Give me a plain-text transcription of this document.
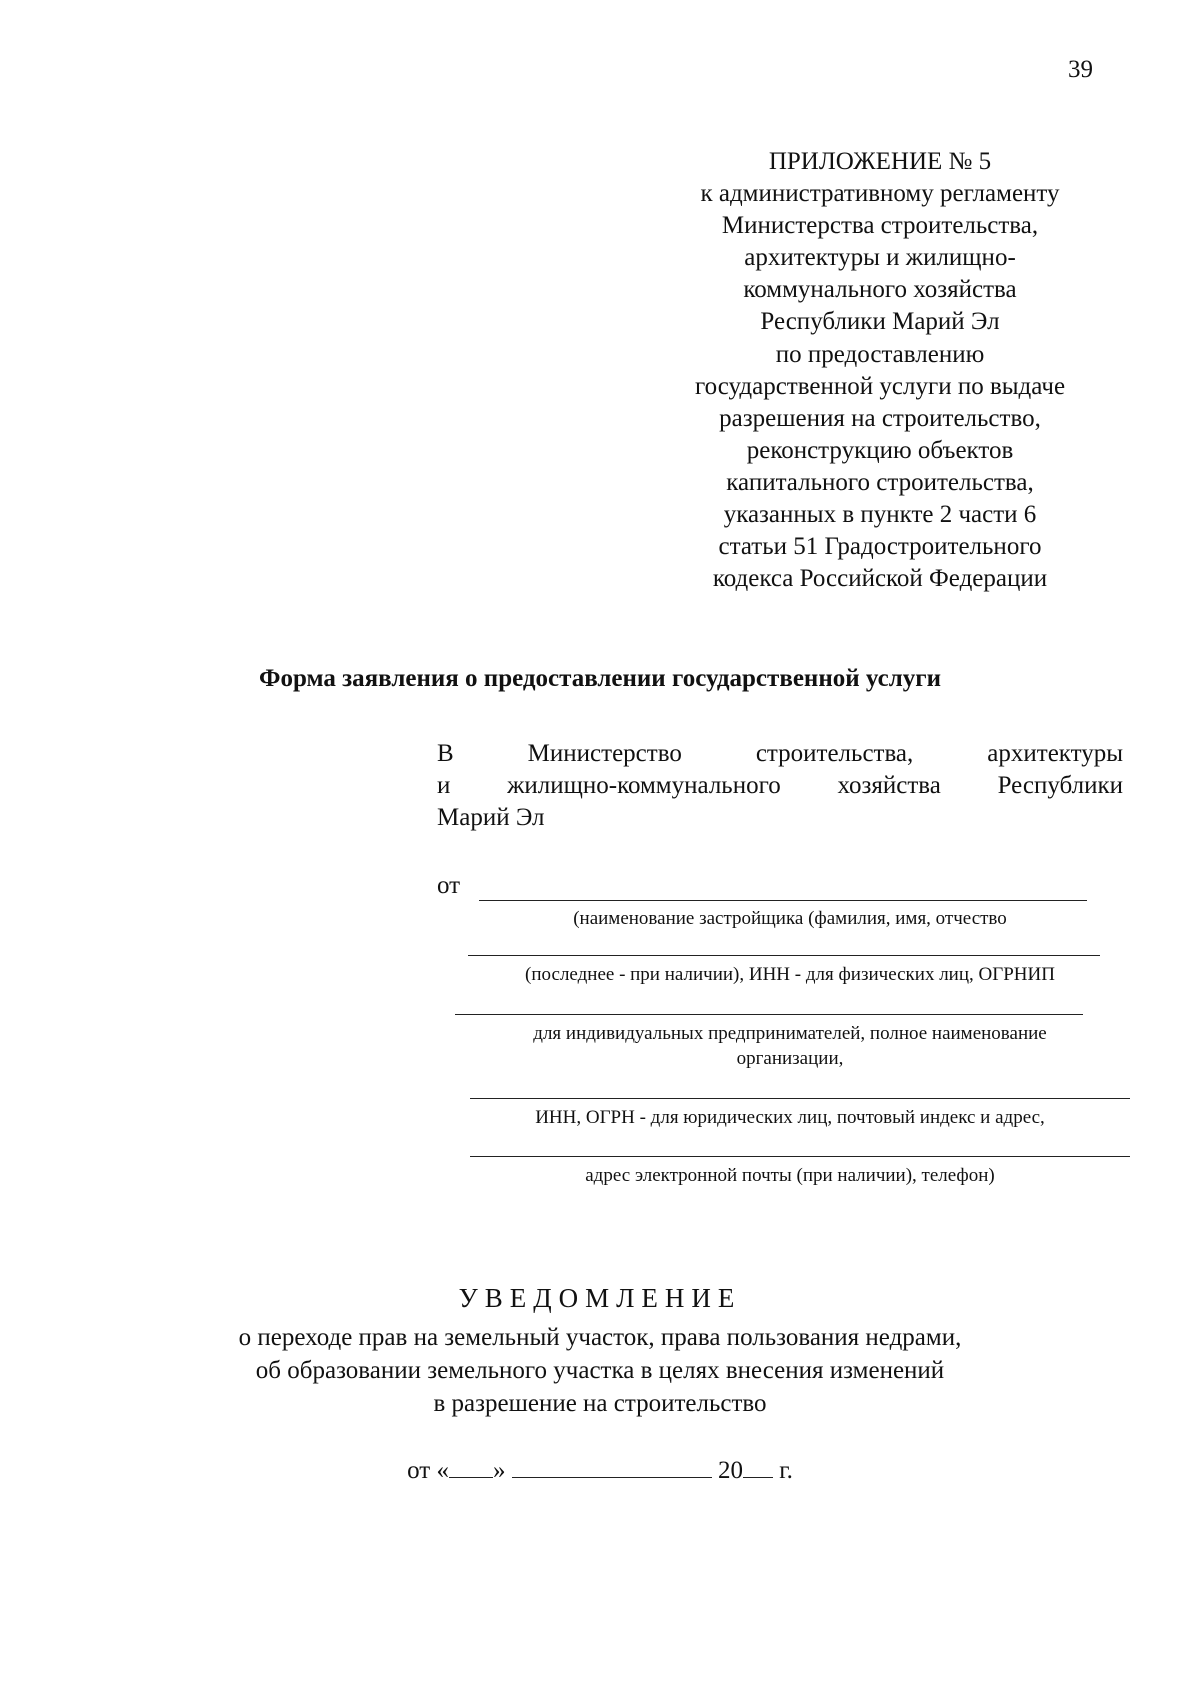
39
ПРИЛОЖЕНИЕ № 5
к административному регламенту
Министерства строительства,
архитектуры и жилищно-
коммунального хозяйства
Республики Марий Эл
по предоставлению
государственной услуги по выдаче
разрешения на строительство,
реконструкцию объектов
капитального строительства,
указанных в пункте 2 части 6
статьи 51 Градостроительного
кодекса Российской Федерации
Форма заявления о предоставлении государственной услуги
В Министерство строительства, архитектуры
и жилищно-коммунального хозяйства Республики
Марий Эл
от
(наименование застройщика (фамилия, имя, отчество
(последнее - при наличии), ИНН - для физических лиц, ОГРНИП
для индивидуальных предпринимателей, полное наименование
организации,
ИНН, ОГРН - для юридических лиц, почтовый индекс и адрес,
адрес электронной почты (при наличии), телефон)
УВЕДОМЛЕНИЕ
о переходе прав на земельный участок, права пользования недрами,
об образовании земельного участка в целях внесения изменений
в разрешение на строительство
от « »	20 г.
